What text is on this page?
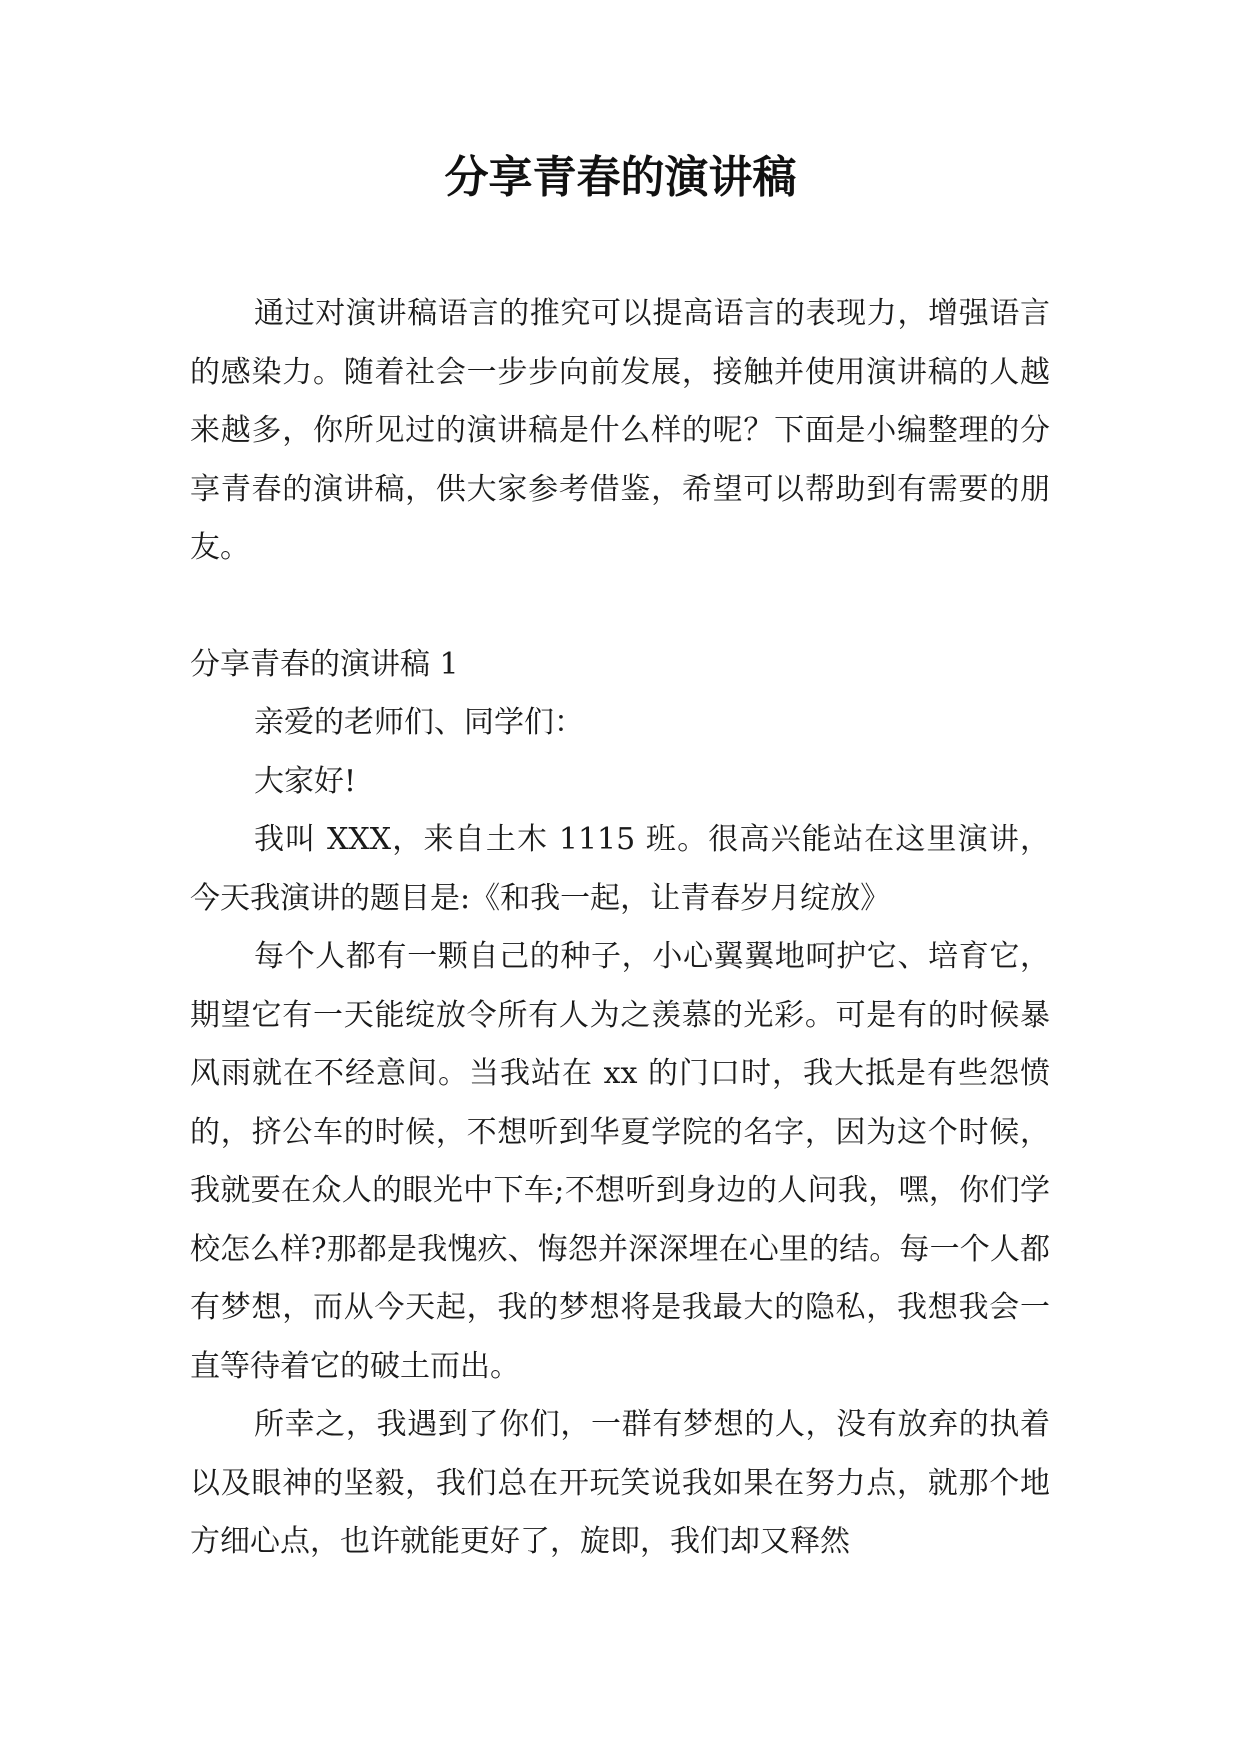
分享青春的演讲稿

通过对演讲稿语言的推究可以提高语言的表现力，增强语言的感染力。随着社会一步步向前发展，接触并使用演讲稿的人越来越多，你所见过的演讲稿是什么样的呢？下面是小编整理的分享青春的演讲稿，供大家参考借鉴，希望可以帮助到有需要的朋友。

分享青春的演讲稿 1

亲爱的老师们、同学们：

大家好!

我叫 XXX，来自土木 1115 班。很高兴能站在这里演讲，今天我演讲的题目是:《和我一起，让青春岁月绽放》

每个人都有一颗自己的种子，小心翼翼地呵护它、培育它，期望它有一天能绽放令所有人为之羡慕的光彩。可是有的时候暴风雨就在不经意间。当我站在 xx 的门口时，我大抵是有些怨愤的，挤公车的时候，不想听到华夏学院的名字，因为这个时候，我就要在众人的眼光中下车;不想听到身边的人问我，嘿，你们学校怎么样?那都是我愧疚、悔怨并深深埋在心里的结。每一个人都有梦想，而从今天起，我的梦想将是我最大的隐私，我想我会一直等待着它的破土而出。

所幸之，我遇到了你们，一群有梦想的人，没有放弃的执着以及眼神的坚毅，我们总在开玩笑说我如果在努力点，就那个地方细心点，也许就能更好了，旋即，我们却又释然
